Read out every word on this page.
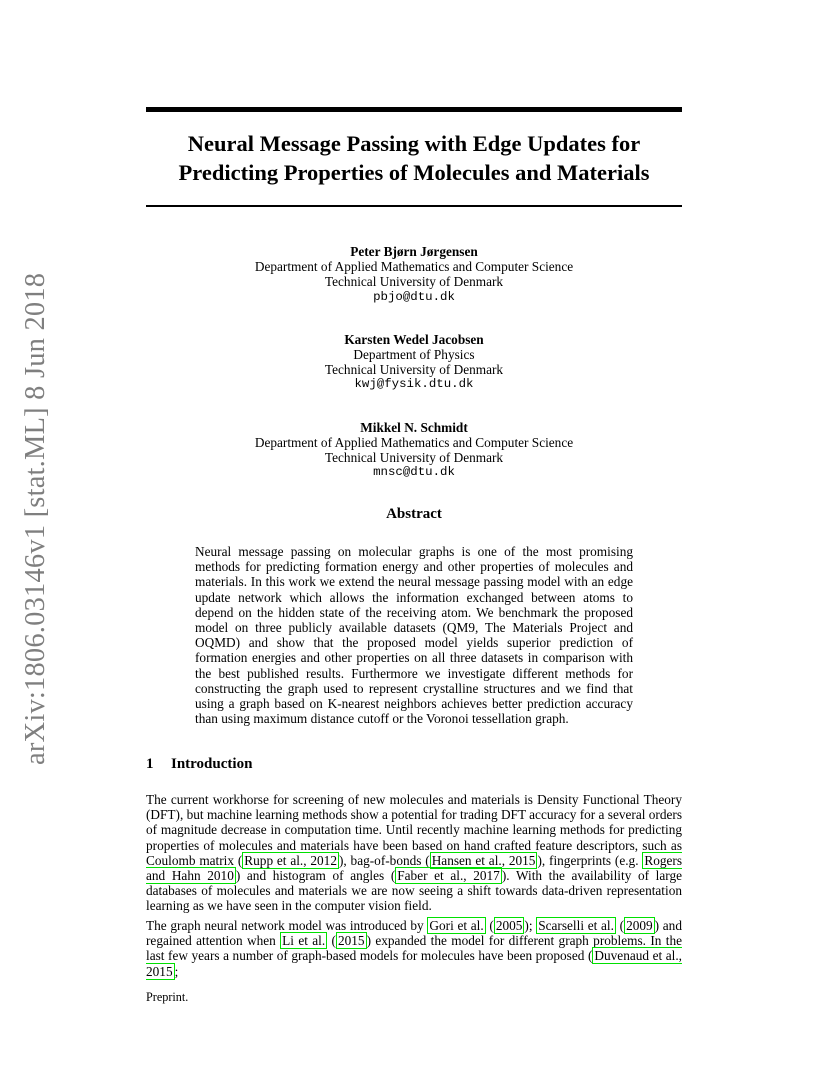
arXiv:1806.03146v1 [stat.ML] 8 Jun 2018
Neural Message Passing with Edge Updates for
Predicting Properties of Molecules and Materials
Peter Bjørn Jørgensen
Department of Applied Mathematics and Computer Science
Technical University of Denmark
pbjo@dtu.dk
Karsten Wedel Jacobsen
Department of Physics
Technical University of Denmark
kwj@fysik.dtu.dk
Mikkel N. Schmidt
Department of Applied Mathematics and Computer Science
Technical University of Denmark
mnsc@dtu.dk
Abstract
Neural message passing on molecular graphs is one of the most promising methods for predicting formation energy and other properties of molecules and materials. In this work we extend the neural message passing model with an edge update network which allows the information exchanged between atoms to depend on the hidden state of the receiving atom. We benchmark the proposed model on three publicly available datasets (QM9, The Materials Project and OQMD) and show that the proposed model yields superior prediction of formation energies and other properties on all three datasets in comparison with the best published results. Furthermore we investigate different methods for constructing the graph used to represent crystalline structures and we find that using a graph based on K-nearest neighbors achieves better prediction accuracy than using maximum distance cutoff or the Voronoi tessellation graph.
1 Introduction
The current workhorse for screening of new molecules and materials is Density Functional Theory (DFT), but machine learning methods show a potential for trading DFT accuracy for a several orders of magnitude decrease in computation time. Until recently machine learning methods for predicting properties of molecules and materials have been based on hand crafted feature descriptors, such as Coulomb matrix ( Rupp et al., 2012 ), bag-of-bonds ( Hansen et al., 2015 ), fingerprints (e.g. Rogers and Hahn 2010 ) and histogram of angles ( Faber et al., 2017 ). With the availability of large databases of molecules and materials we are now seeing a shift towards data-driven representation learning as we have seen in the computer vision field.
The graph neural network model was introduced by Gori et al. ( 2005 ); Scarselli et al. ( 2009 ) and regained attention when Li et al. ( 2015 ) expanded the model for different graph problems. In the last few years a number of graph-based models for molecules have been proposed ( Duvenaud et al., 2015 ;
Preprint.
